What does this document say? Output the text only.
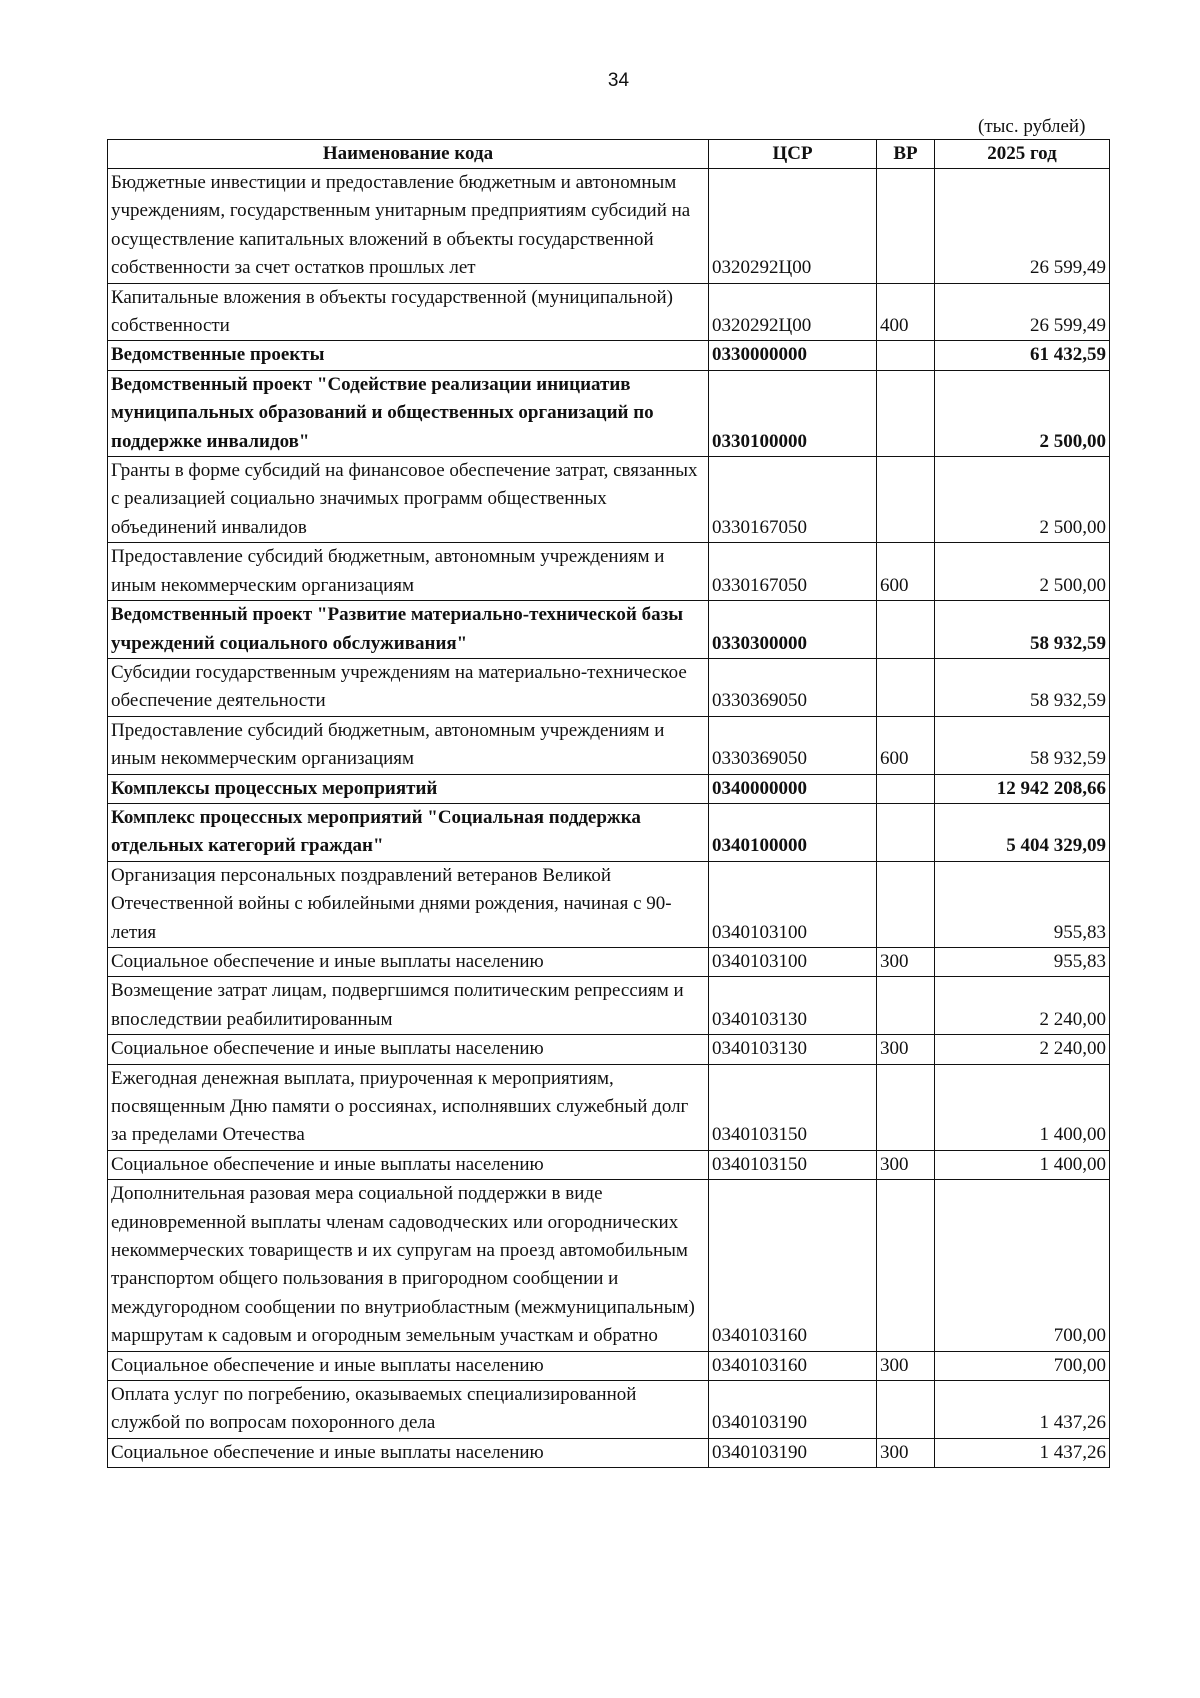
34
(тыс. рублей)
Наименование кода	ЦСР	ВР	2025 год
Бюджетные инвестиции и предоставление бюджетным и автономным учреждениям, государственным унитарным предприятиям субсидий на осуществление капитальных вложений в объекты государственной собственности за счет остатков прошлых лет	0320292Ц00		26 599,49
Капитальные вложения в объекты государственной (муниципальной) собственности	0320292Ц00	400	26 599,49
Ведомственные проекты	0330000000		61 432,59
Ведомственный проект "Содействие реализации инициатив муниципальных образований и общественных организаций по поддержке инвалидов"	0330100000		2 500,00
Гранты в форме субсидий на финансовое обеспечение затрат, связанных с реализацией социально значимых программ общественных объединений инвалидов	0330167050		2 500,00
Предоставление субсидий бюджетным, автономным учреждениям и иным некоммерческим организациям	0330167050	600	2 500,00
Ведомственный проект "Развитие материально-технической базы учреждений социального обслуживания"	0330300000		58 932,59
Субсидии государственным учреждениям на материально-техническое обеспечение деятельности	0330369050		58 932,59
Предоставление субсидий бюджетным, автономным учреждениям и иным некоммерческим организациям	0330369050	600	58 932,59
Комплексы процессных мероприятий	0340000000		12 942 208,66
Комплекс процессных мероприятий "Социальная поддержка отдельных категорий граждан"	0340100000		5 404 329,09
Организация персональных поздравлений ветеранов Великой Отечественной войны с юбилейными днями рождения, начиная с 90-летия	0340103100		955,83
Социальное обеспечение и иные выплаты населению	0340103100	300	955,83
Возмещение затрат лицам, подвергшимся политическим репрессиям и впоследствии реабилитированным	0340103130		2 240,00
Социальное обеспечение и иные выплаты населению	0340103130	300	2 240,00
Ежегодная денежная выплата, приуроченная к мероприятиям, посвященным Дню памяти о россиянах, исполнявших служебный долг за пределами Отечества	0340103150		1 400,00
Социальное обеспечение и иные выплаты населению	0340103150	300	1 400,00
Дополнительная разовая мера социальной поддержки в виде единовременной выплаты членам садоводческих или огороднических некоммерческих товариществ и их супругам на проезд автомобильным транспортом общего пользования в пригородном сообщении и междугородном сообщении по внутриобластным (межмуниципальным) маршрутам к садовым и огородным земельным участкам и обратно	0340103160		700,00
Социальное обеспечение и иные выплаты населению	0340103160	300	700,00
Оплата услуг по погребению, оказываемых специализированной службой по вопросам похоронного дела	0340103190		1 437,26
Социальное обеспечение и иные выплаты населению	0340103190	300	1 437,26
